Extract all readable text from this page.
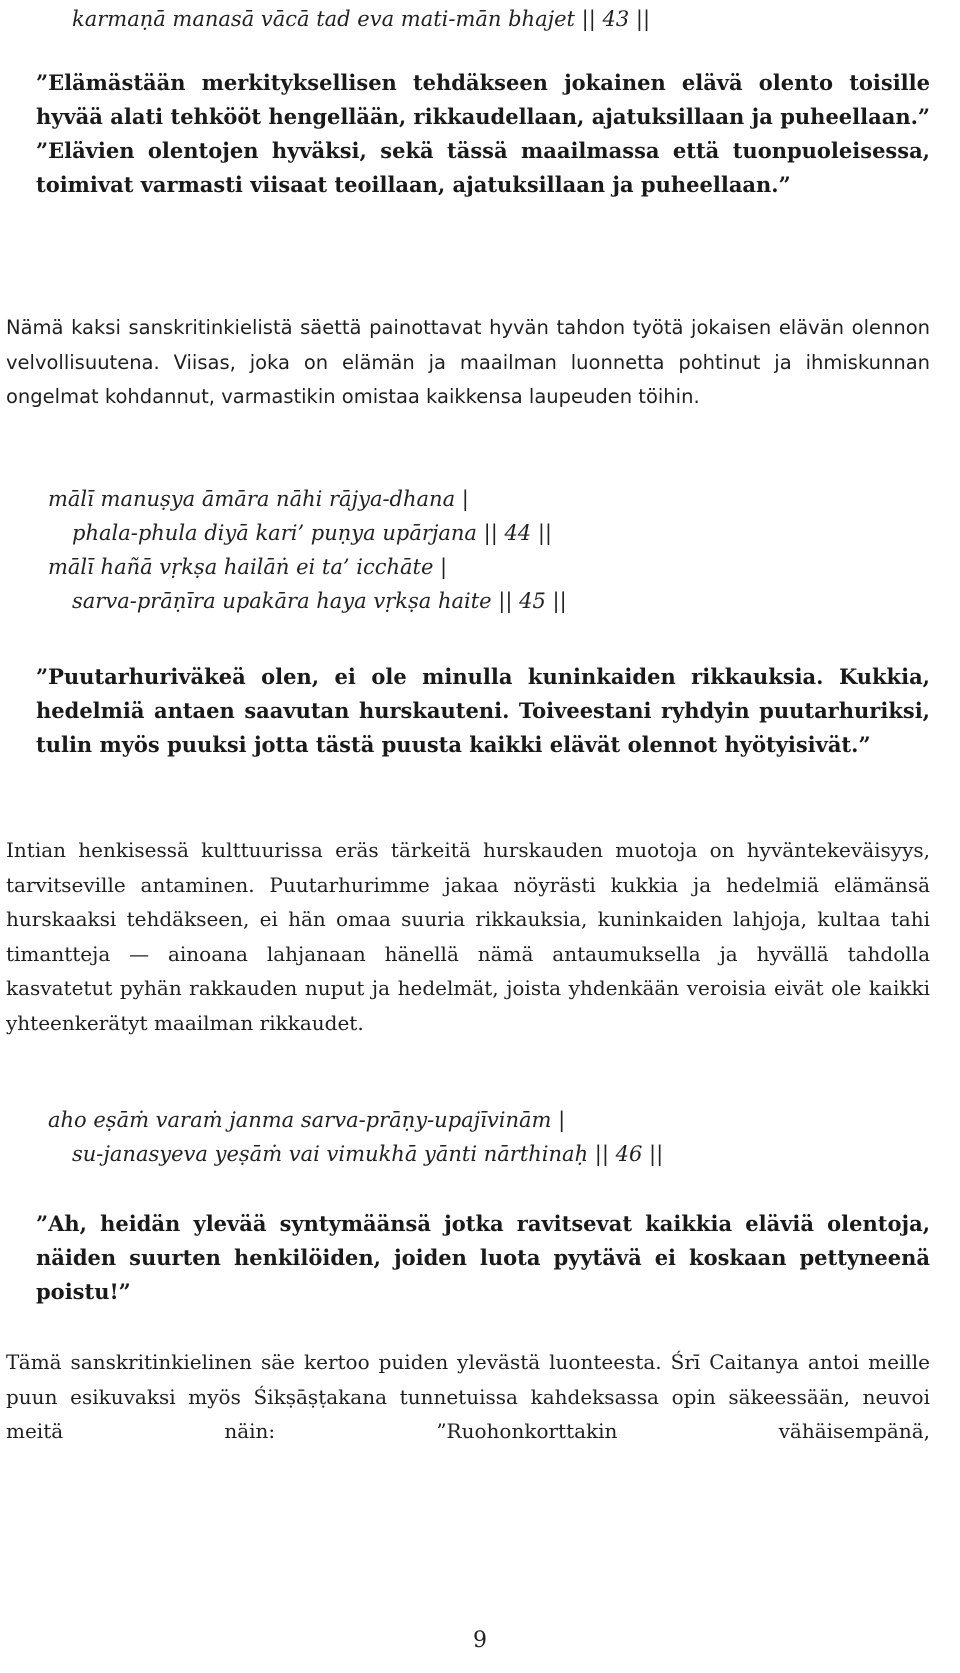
karmaṇā manasā vācā tad eva mati-mān bhajet || 43 ||

”Elämästään merkityksellisen tehdäkseen jokainen elävä olento toisille hyvää alati tehkööt hengellään, rikkaudellaan, ajatuksillaan ja puheellaan.” ”Elävien olentojen hyväksi, sekä tässä maailmassa että tuonpuoleisessa, toimivat varmasti viisaat teoillaan, ajatuksillaan ja puheellaan.”

Nämä kaksi sanskritinkielistä säettä painottavat hyvän tahdon työtä jokaisen elävän olennon velvollisuutena. Viisas, joka on elämän ja maailman luonnetta pohtinut ja ihmiskunnan ongelmat kohdannut, varmastikin omistaa kaikkensa laupeuden töihin.

mālī manuṣya āmāra nāhi rājya-dhana |
phala-phula diyā kari’ puṇya upārjana || 44 ||
mālī hañā vṛkṣa hailāṅ ei ta’ icchāte |
sarva-prāṇīra upakāra haya vṛkṣa haite || 45 ||

”Puutarhuriväkeä olen, ei ole minulla kuninkaiden rikkauksia. Kukkia, hedelmiä antaen saavutan hurskauteni. Toiveestani ryhdyin puutarhuriksi, tulin myös puuksi jotta tästä puusta kaikki elävät olennot hyötyisivät.”

Intian henkisessä kulttuurissa eräs tärkeitä hurskauden muotoja on hyväntekeväisyys, tarvitseville antaminen. Puutarhurimme jakaa nöyrästi kukkia ja hedelmiä elämänsä hurskaaksi tehdäkseen, ei hän omaa suuria rikkauksia, kuninkaiden lahjoja, kultaa tahi timantteja — ainoana lahjanaan hänellä nämä antaumuksella ja hyvällä tahdolla kasvatetut pyhän rakkauden nuput ja hedelmät, joista yhdenkään veroisia eivät ole kaikki yhteenkerätyt maailman rikkaudet.

aho eṣāṁ varaṁ janma sarva-prāṇy-upajīvinām |
su-janasyeva yeṣāṁ vai vimukhā yānti nārthinaḥ || 46 ||

”Ah, heidän ylevää syntymäänsä jotka ravitsevat kaikkia eläviä olentoja, näiden suurten henkilöiden, joiden luota pyytävä ei koskaan pettyneenä poistu!”

Tämä sanskritinkielinen säe kertoo puiden ylevästä luonteesta. Śrī Caitanya antoi meille puun esikuvaksi myös Śikṣāṣṭakana tunnetuissa kahdeksassa opin säkeessään, neuvoi meitä näin: ”Ruohonkorttakin vähäisempänä,

9
